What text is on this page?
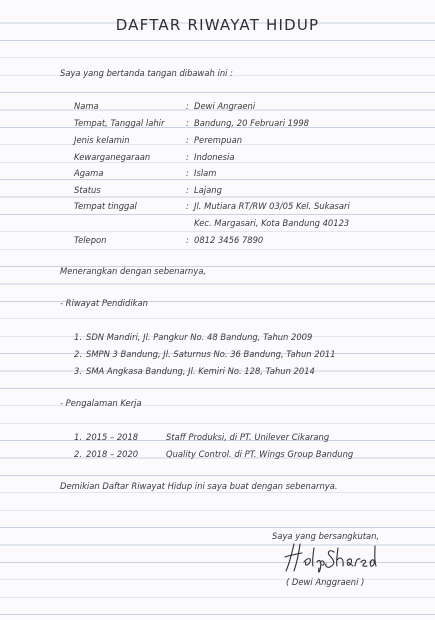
DAFTAR RIWAYAT HIDUP
Saya yang bertanda tangan dibawah ini :
Nama	: Dewi Angraeni
Tempat, Tanggal lahir	: Bandung, 20 Februari 1998
Jenis kelamin	: Perempuan
Kewarganegaraan	: Indonesia
Agama	: Islam
Status	: Lajang
Tempat tinggal	: Jl. Mutiara RT/RW 03/05 Kel. Sukasari
Kec. Margasari, Kota Bandung 40123
Telepon	: 0812 3456 7890
Menerangkan dengan sebenarnya,
- Riwayat Pendidikan
1. SDN Mandiri, Jl. Pangkur No. 48 Bandung, Tahun 2009
2. SMPN 3 Bandung, Jl. Saturnus No. 36 Bandung, Tahun 2011
3. SMA Angkasa Bandung, Jl. Kemiri No. 128, Tahun 2014
- Pengalaman Kerja
1. 2015 – 2018	Staff Produksi, di PT. Unilever Cikarang
2. 2018 – 2020	Quality Control. di PT. Wings Group Bandung
Demikian Daftar Riwayat Hidup ini saya buat dengan sebenarnya.
Saya yang bersangkutan,
( Dewi Anggraeni )
